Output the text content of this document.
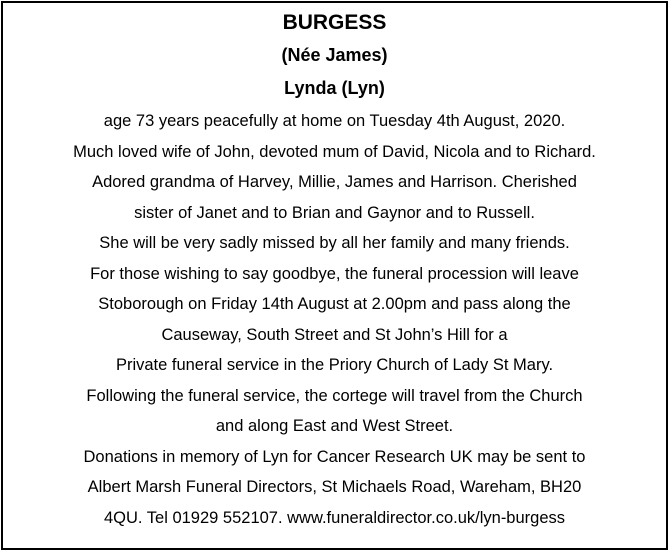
BURGESS
(Née James)
Lynda (Lyn)
age 73 years peacefully at home on Tuesday 4th August, 2020.
Much loved wife of John, devoted mum of David, Nicola and to Richard.
Adored grandma of Harvey, Millie, James and Harrison. Cherished
sister of Janet and to Brian and Gaynor and to Russell.
She will be very sadly missed by all her family and many friends.
For those wishing to say goodbye, the funeral procession will leave
Stoborough on Friday 14th August at 2.00pm and pass along the
Causeway, South Street and St John’s Hill for a
Private funeral service in the Priory Church of Lady St Mary.
Following the funeral service, the cortege will travel from the Church
and along East and West Street.
Donations in memory of Lyn for Cancer Research UK may be sent to
Albert Marsh Funeral Directors, St Michaels Road, Wareham, BH20
4QU. Tel 01929 552107. www.funeraldirector.co.uk/lyn-burgess
